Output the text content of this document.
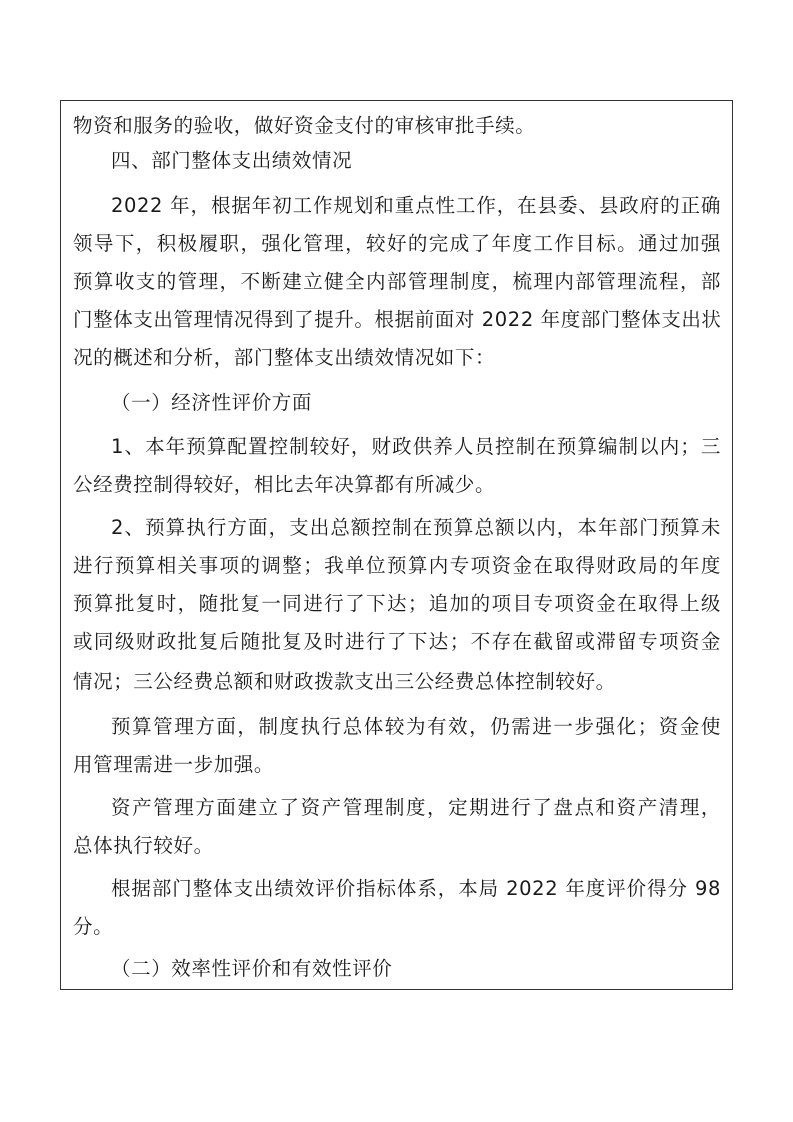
物资和服务的验收，做好资金支付的审核审批手续。
四、部门整体支出绩效情况
2022 年，根据年初工作规划和重点性工作，在县委、县政府的正确
领导下，积极履职，强化管理，较好的完成了年度工作目标。通过加强
预算收支的管理，不断建立健全内部管理制度，梳理内部管理流程，部
门整体支出管理情况得到了提升。根据前面对 2022 年度部门整体支出状
况的概述和分析，部门整体支出绩效情况如下：
（一）经济性评价方面
1、本年预算配置控制较好，财政供养人员控制在预算编制以内；三
公经费控制得较好，相比去年决算都有所减少。
2、预算执行方面，支出总额控制在预算总额以内，本年部门预算未
进行预算相关事项的调整；我单位预算内专项资金在取得财政局的年度
预算批复时，随批复一同进行了下达；追加的项目专项资金在取得上级
或同级财政批复后随批复及时进行了下达；不存在截留或滞留专项资金
情况；三公经费总额和财政拨款支出三公经费总体控制较好。
预算管理方面，制度执行总体较为有效，仍需进一步强化；资金使
用管理需进一步加强。
资产管理方面建立了资产管理制度，定期进行了盘点和资产清理，
总体执行较好。
根据部门整体支出绩效评价指标体系，本局 2022 年度评价得分 98
分。
（二）效率性评价和有效性评价
